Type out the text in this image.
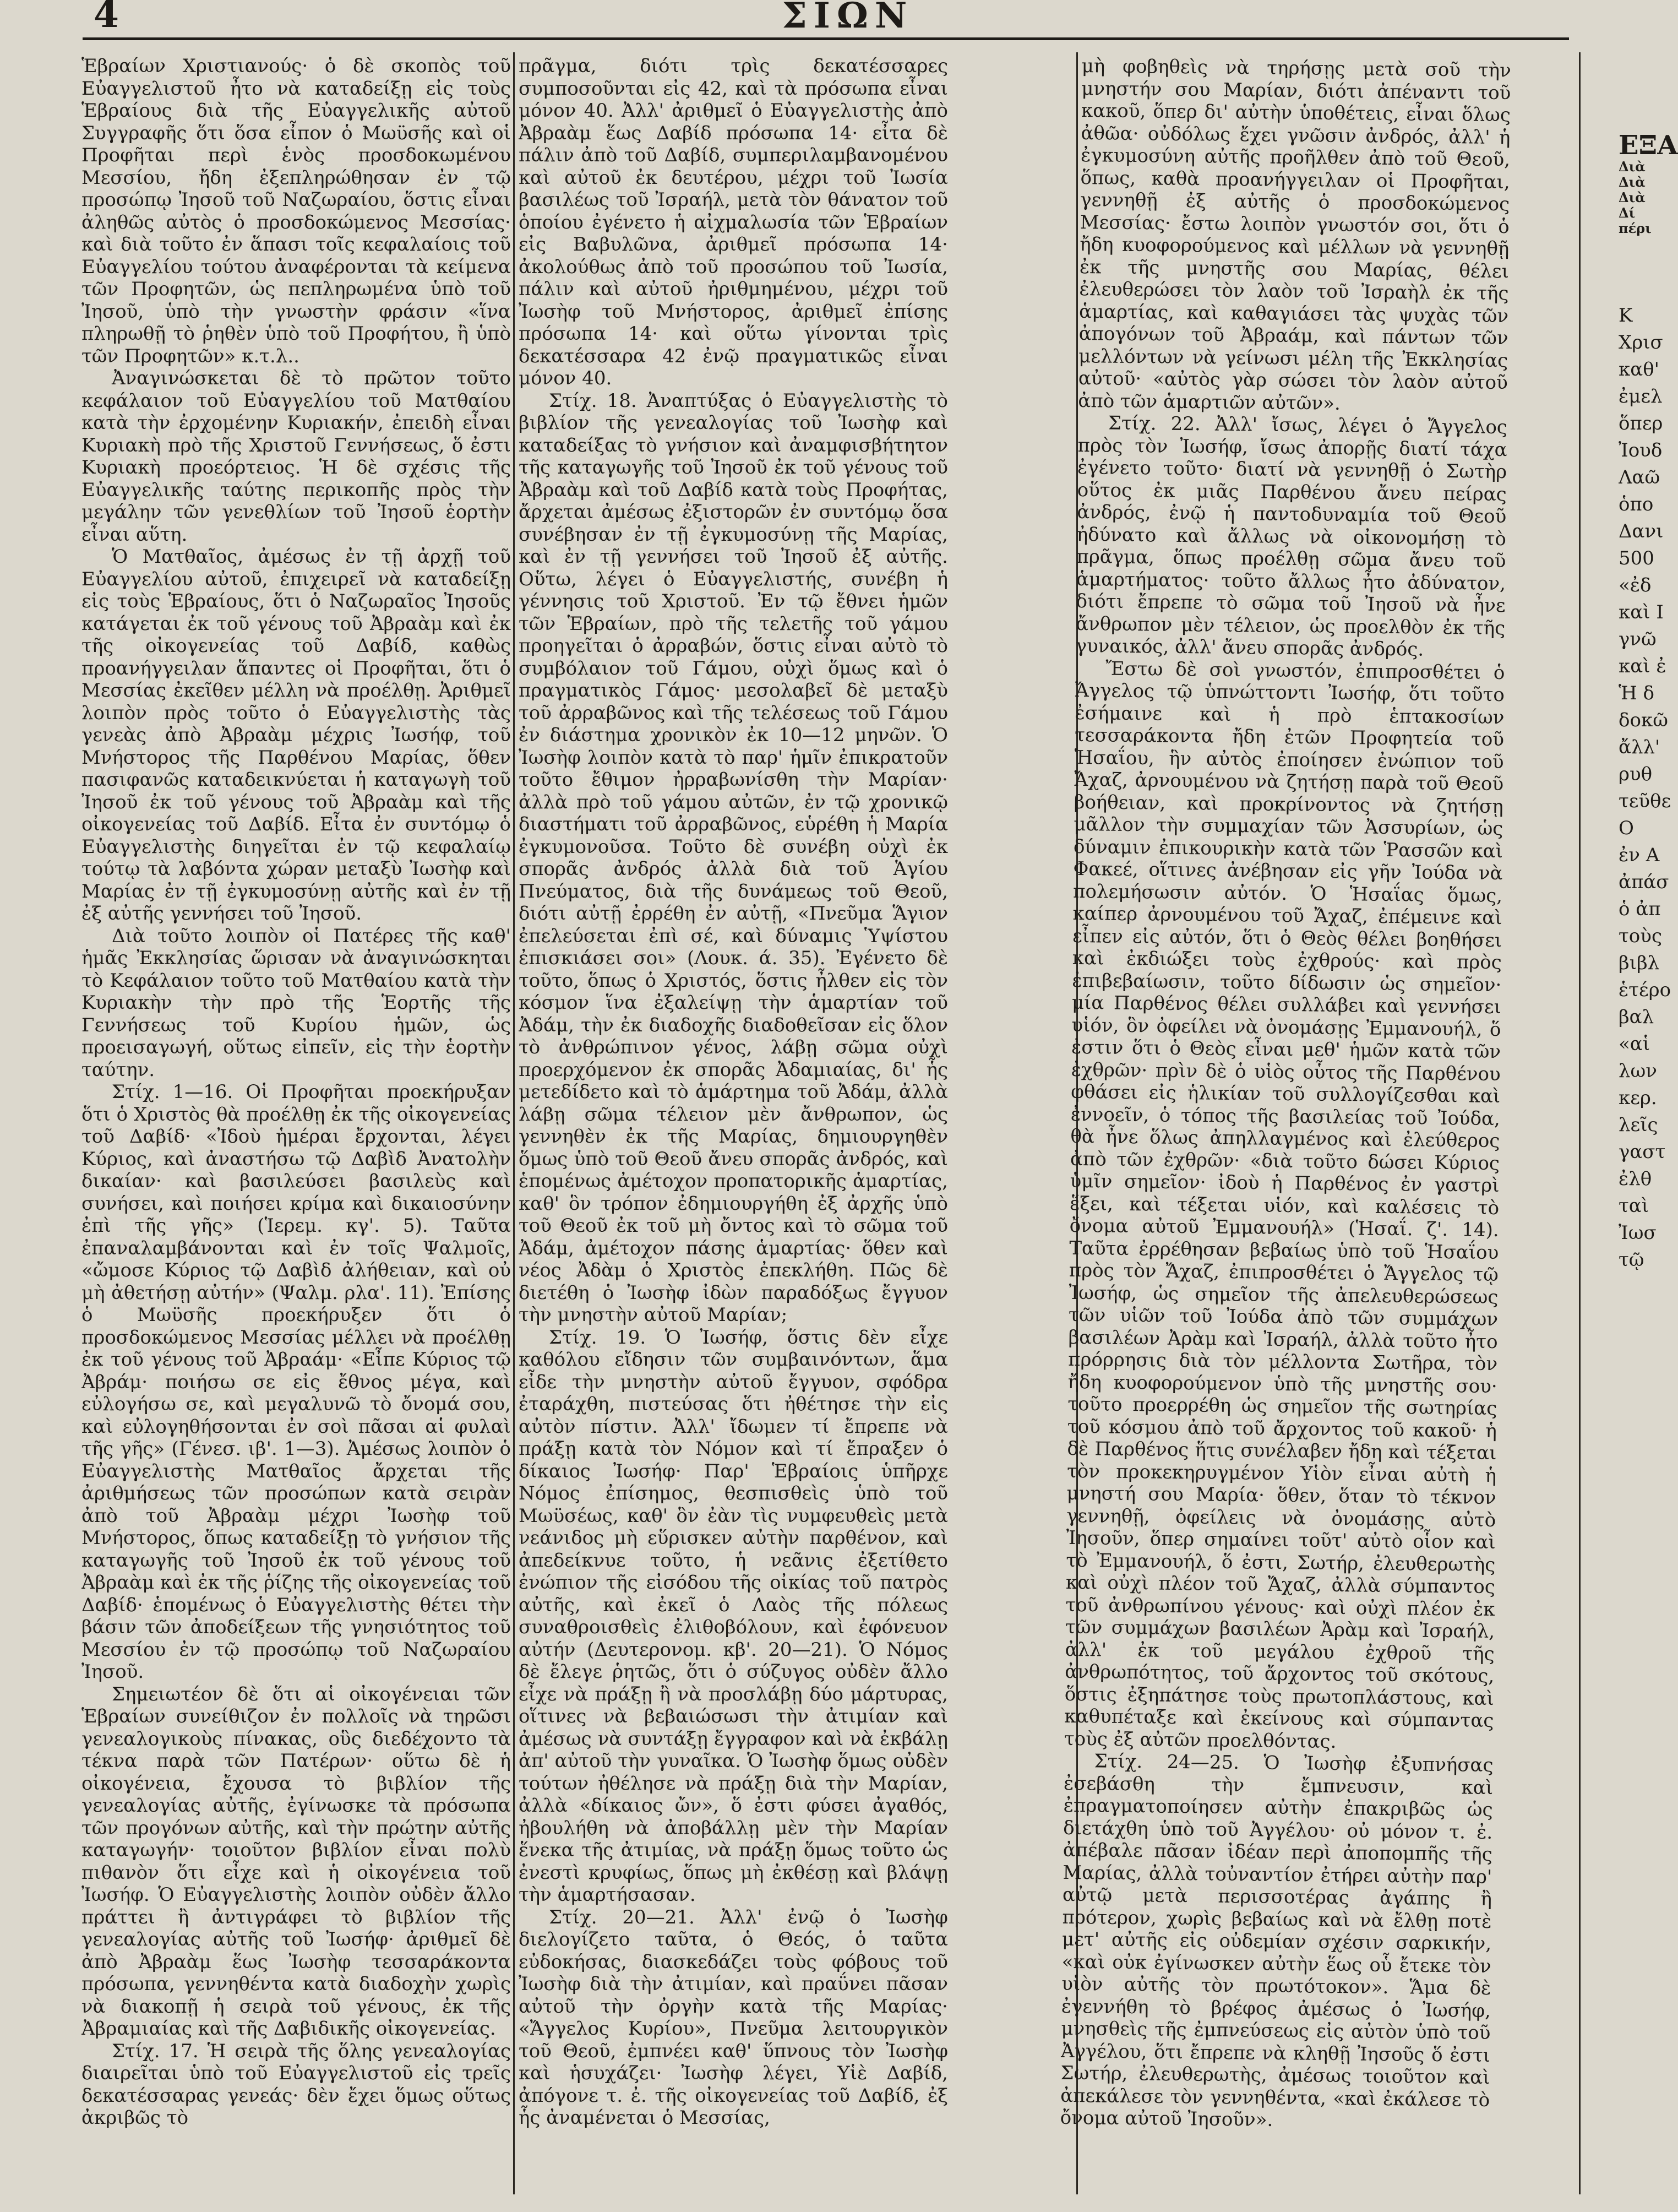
4	ΣΙΩΝ

Ἑβραίων Χριστιανούς· ὁ δὲ σκοπὸς τοῦ Εὐαγγελιστοῦ ἦτο νὰ καταδείξῃ εἰς τοὺς Ἑβραίους διὰ τῆς Εὐαγγελικῆς αὐτοῦ Συγγραφῆς ὅτι ὅσα εἶπον ὁ Μωϋσῆς καὶ οἱ Προφῆται περὶ ἑνὸς προσδοκωμένου Μεσσίου, ἤδη ἐξεπληρώθησαν ἐν τῷ προσώπῳ Ἰησοῦ τοῦ Ναζωραίου, ὅστις εἶναι ἀληθῶς αὐτὸς ὁ προσδοκώμενος Μεσσίας· καὶ διὰ τοῦτο ἐν ἅπασι τοῖς κεφαλαίοις τοῦ Εὐαγγελίου τούτου ἀναφέρονται τὰ κείμενα τῶν Προφητῶν, ὡς πεπληρωμένα ὑπὸ τοῦ Ἰησοῦ, ὑπὸ τὴν γνωστὴν φράσιν «ἵνα πληρωθῇ τὸ ῥηθὲν ὑπὸ τοῦ Προφήτου, ἢ ὑπὸ τῶν Προφητῶν» κ.τ.λ..

Ἀναγινώσκεται δὲ τὸ πρῶτον τοῦτο κεφάλαιον τοῦ Εὐαγγελίου τοῦ Ματθαίου κατὰ τὴν ἐρχομένην Κυριακήν, ἐπειδὴ εἶναι Κυριακὴ πρὸ τῆς Χριστοῦ Γεννήσεως, ὅ ἐστι Κυριακὴ προεόρτειος. Ἡ δὲ σχέσις τῆς Εὐαγγελικῆς ταύτης περικοπῆς πρὸς τὴν μεγάλην τῶν γενεθλίων τοῦ Ἰησοῦ ἑορτὴν εἶναι αὕτη.

Ὁ Ματθαῖος, ἀμέσως ἐν τῇ ἀρχῇ τοῦ Εὐαγγελίου αὐτοῦ, ἐπιχειρεῖ νὰ καταδείξῃ εἰς τοὺς Ἑβραίους, ὅτι ὁ Ναζωραῖος Ἰησοῦς κατάγεται ἐκ τοῦ γένους τοῦ Ἀβραὰμ καὶ ἐκ τῆς οἰκογενείας τοῦ Δαβίδ, καθὼς προανήγγειλαν ἅπαντες οἱ Προφῆται, ὅτι ὁ Μεσσίας ἐκεῖθεν μέλλη νὰ προέλθῃ. Ἀριθμεῖ λοιπὸν πρὸς τοῦτο ὁ Εὐαγγελιστὴς τὰς γενεὰς ἀπὸ Ἀβραὰμ μέχρις Ἰωσήφ, τοῦ Μνήστορος τῆς Παρθένου Μαρίας, ὅθεν πασιφανῶς καταδεικνύεται ἡ καταγωγὴ τοῦ Ἰησοῦ ἐκ τοῦ γένους τοῦ Ἀβραὰμ καὶ τῆς οἰκογενείας τοῦ Δαβίδ. Εἶτα ἐν συντόμῳ ὁ Εὐαγγελιστὴς διηγεῖται ἐν τῷ κεφαλαίῳ τούτῳ τὰ λαβόντα χώραν μεταξὺ Ἰωσὴφ καὶ Μαρίας ἐν τῇ ἐγκυμοσύνῃ αὐτῆς καὶ ἐν τῇ ἐξ αὐτῆς γεννήσει τοῦ Ἰησοῦ.

Διὰ τοῦτο λοιπὸν οἱ Πατέρες τῆς καθ' ἡμᾶς Ἐκκλησίας ὥρισαν νὰ ἀναγινώσκηται τὸ Κεφάλαιον τοῦτο τοῦ Ματθαίου κατὰ τὴν Κυριακὴν τὴν πρὸ τῆς Ἑορτῆς τῆς Γεννήσεως τοῦ Κυρίου ἡμῶν, ὡς προεισαγωγή, οὕτως εἰπεῖν, εἰς τὴν ἑορτὴν ταύτην.

Στίχ. 1—16. Οἱ Προφῆται προεκήρυξαν ὅτι ὁ Χριστὸς θὰ προέλθῃ ἐκ τῆς οἰκογενείας τοῦ Δαβίδ· «Ἰδοὺ ἡμέραι ἔρχονται, λέγει Κύριος, καὶ ἀναστήσω τῷ Δαβὶδ Ἀνατολὴν δικαίαν· καὶ βασιλεύσει βασιλεὺς καὶ συνήσει, καὶ ποιήσει κρίμα καὶ δικαιοσύνην ἐπὶ τῆς γῆς» (Ἱερεμ. κγ'. 5). Ταῦτα ἐπαναλαμβάνονται καὶ ἐν τοῖς Ψαλμοῖς, «ὤμοσε Κύριος τῷ Δαβὶδ ἀλήθειαν, καὶ οὐ μὴ ἀθετήσῃ αὐτήν» (Ψαλμ. ρλα'. 11). Ἐπίσης ὁ Μωϋσῆς προεκήρυξεν ὅτι ὁ προσδοκώμενος Μεσσίας μέλλει νὰ προέλθῃ ἐκ τοῦ γένους τοῦ Ἀβραάμ· «Εἶπε Κύριος τῷ Ἀβράμ· ποιήσω σε εἰς ἔθνος μέγα, καὶ εὐλογήσω σε, καὶ μεγαλυνῶ τὸ ὄνομά σου, καὶ εὐλογηθήσονται ἐν σοὶ πᾶσαι αἱ φυλαὶ τῆς γῆς» (Γένεσ. ιβ'. 1—3). Ἀμέσως λοιπὸν ὁ Εὐαγγελιστὴς Ματθαῖος ἄρχεται τῆς ἀριθμήσεως τῶν προσώπων κατὰ σειρὰν ἀπὸ τοῦ Ἀβραὰμ μέχρι Ἰωσὴφ τοῦ Μνήστορος, ὅπως καταδείξῃ τὸ γνήσιον τῆς καταγωγῆς τοῦ Ἰησοῦ ἐκ τοῦ γένους τοῦ Ἀβραὰμ καὶ ἐκ τῆς ῥίζης τῆς οἰκογενείας τοῦ Δαβίδ· ἑπομένως ὁ Εὐαγγελιστὴς θέτει τὴν βάσιν τῶν ἀποδείξεων τῆς γνησιότητος τοῦ Μεσσίου ἐν τῷ προσώπῳ τοῦ Ναζωραίου Ἰησοῦ.

Σημειωτέον δὲ ὅτι αἱ οἰκογένειαι τῶν Ἑβραίων συνείθιζον ἐν πολλοῖς νὰ τηρῶσι γενεαλογικοὺς πίνακας, οὓς διεδέχοντο τὰ τέκνα παρὰ τῶν Πατέρων· οὕτω δὲ ἡ οἰκογένεια, ἔχουσα τὸ βιβλίον τῆς γενεαλογίας αὐτῆς, ἐγίνωσκε τὰ πρόσωπα τῶν προγόνων αὐτῆς, καὶ τὴν πρώτην αὐτῆς καταγωγήν· τοιοῦτον βιβλίον εἶναι πολὺ πιθανὸν ὅτι εἶχε καὶ ἡ οἰκογένεια τοῦ Ἰωσήφ. Ὁ Εὐαγγελιστὴς λοιπὸν οὐδὲν ἄλλο πράττει ἢ ἀντιγράφει τὸ βιβλίον τῆς γενεαλογίας αὐτῆς τοῦ Ἰωσήφ· ἀριθμεῖ δὲ ἀπὸ Ἀβραὰμ ἕως Ἰωσὴφ τεσσαράκοντα πρόσωπα, γεννηθέντα κατὰ διαδοχὴν χωρὶς νὰ διακοπῇ ἡ σειρὰ τοῦ γένους, ἐκ τῆς Ἀβραμιαίας καὶ τῆς Δαβιδικῆς οἰκογενείας.

Στίχ. 17. Ἡ σειρὰ τῆς ὅλης γενεαλογίας διαιρεῖται ὑπὸ τοῦ Εὐαγγελιστοῦ εἰς τρεῖς δεκατέσσαρας γενεάς· δὲν ἔχει ὅμως οὕτως ἀκριβῶς τὸ

πρᾶγμα, διότι τρὶς δεκατέσσαρες συμποσοῦνται εἰς 42, καὶ τὰ πρόσωπα εἶναι μόνον 40. Ἀλλ' ἀριθμεῖ ὁ Εὐαγγελιστὴς ἀπὸ Ἀβραὰμ ἕως Δαβίδ πρόσωπα 14· εἶτα δὲ πάλιν ἀπὸ τοῦ Δαβίδ, συμπεριλαμβανομένου καὶ αὐτοῦ ἐκ δευτέρου, μέχρι τοῦ Ἰωσία βασιλέως τοῦ Ἰσραήλ, μετὰ τὸν θάνατον τοῦ ὁποίου ἐγένετο ἡ αἰχμαλωσία τῶν Ἑβραίων εἰς Βαβυλῶνα, ἀριθμεῖ πρόσωπα 14· ἀκολούθως ἀπὸ τοῦ προσώπου τοῦ Ἰωσία, πάλιν καὶ αὐτοῦ ἠριθμημένου, μέχρι τοῦ Ἰωσὴφ τοῦ Μνήστορος, ἀριθμεῖ ἐπίσης πρόσωπα 14· καὶ οὕτω γίνονται τρὶς δεκατέσσαρα 42 ἐνῷ πραγματικῶς εἶναι μόνον 40.

Στίχ. 18. Ἀναπτύξας ὁ Εὐαγγελιστὴς τὸ βιβλίον τῆς γενεαλογίας τοῦ Ἰωσὴφ καὶ καταδείξας τὸ γνήσιον καὶ ἀναμφισβήτητον τῆς καταγωγῆς τοῦ Ἰησοῦ ἐκ τοῦ γένους τοῦ Ἀβραὰμ καὶ τοῦ Δαβίδ κατὰ τοὺς Προφήτας, ἄρχεται ἀμέσως ἐξιστορῶν ἐν συντόμῳ ὅσα συνέβησαν ἐν τῇ ἐγκυμοσύνῃ τῆς Μαρίας, καὶ ἐν τῇ γεννήσει τοῦ Ἰησοῦ ἐξ αὐτῆς. Οὕτω, λέγει ὁ Εὐαγγελιστής, συνέβη ἡ γέννησις τοῦ Χριστοῦ. Ἐν τῷ ἔθνει ἡμῶν τῶν Ἑβραίων, πρὸ τῆς τελετῆς τοῦ γάμου προηγεῖται ὁ ἀρραβών, ὅστις εἶναι αὐτὸ τὸ συμβόλαιον τοῦ Γάμου, οὐχὶ ὅμως καὶ ὁ πραγματικὸς Γάμος· μεσολαβεῖ δὲ μεταξὺ τοῦ ἀρραβῶνος καὶ τῆς τελέσεως τοῦ Γάμου ἐν διάστημα χρονικὸν ἐκ 10—12 μηνῶν. Ὁ Ἰωσὴφ λοιπὸν κατὰ τὸ παρ' ἡμῖν ἐπικρατοῦν τοῦτο ἔθιμον ἠρραβωνίσθη τὴν Μαρίαν· ἀλλὰ πρὸ τοῦ γάμου αὐτῶν, ἐν τῷ χρονικῷ διαστήματι τοῦ ἀρραβῶνος, εὑρέθη ἡ Μαρία ἐγκυμονοῦσα. Τοῦτο δὲ συνέβη οὐχὶ ἐκ σπορᾶς ἀνδρός ἀλλὰ διὰ τοῦ Ἁγίου Πνεύματος, διὰ τῆς δυνάμεως τοῦ Θεοῦ, διότι αὐτῇ ἐρρέθη ἐν αὐτῇ, «Πνεῦμα Ἅγιον ἐπελεύσεται ἐπὶ σέ, καὶ δύναμις Ὑψίστου ἐπισκιάσει σοι» (Λουκ. ά. 35). Ἐγένετο δὲ τοῦτο, ὅπως ὁ Χριστός, ὅστις ἦλθεν εἰς τὸν κόσμον ἵνα ἐξαλείψῃ τὴν ἁμαρτίαν τοῦ Ἀδάμ, τὴν ἐκ διαδοχῆς διαδοθεῖσαν εἰς ὅλον τὸ ἀνθρώπινον γένος, λάβῃ σῶμα οὐχὶ προερχόμενον ἐκ σπορᾶς Ἀδαμιαίας, δι' ἧς μετεδίδετο καὶ τὸ ἁμάρτημα τοῦ Ἀδάμ, ἀλλὰ λάβῃ σῶμα τέλειον μὲν ἄνθρωπον, ὡς γεννηθὲν ἐκ τῆς Μαρίας, δημιουργηθὲν ὅμως ὑπὸ τοῦ Θεοῦ ἄνευ σπορᾶς ἀνδρός, καὶ ἑπομένως ἀμέτοχον προπατορικῆς ἁμαρτίας, καθ' ὃν τρόπον ἐδημιουργήθη ἐξ ἀρχῆς ὑπὸ τοῦ Θεοῦ ἐκ τοῦ μὴ ὄντος καὶ τὸ σῶμα τοῦ Ἀδάμ, ἀμέτοχον πάσης ἁμαρτίας· ὅθεν καὶ νέος Ἀδὰμ ὁ Χριστὸς ἐπεκλήθη. Πῶς δὲ διετέθη ὁ Ἰωσὴφ ἰδὼν παραδόξως ἔγγυον τὴν μνηστὴν αὐτοῦ Μαρίαν;

Στίχ. 19. Ὁ Ἰωσήφ, ὅστις δὲν εἶχε καθόλου εἴδησιν τῶν συμβαινόντων, ἅμα εἶδε τὴν μνηστὴν αὐτοῦ ἔγγυον, σφόδρα ἐταράχθη, πιστεύσας ὅτι ἠθέτησε τὴν εἰς αὐτὸν πίστιν. Ἀλλ' ἴδωμεν τί ἔπρεπε νὰ πράξῃ κατὰ τὸν Νόμον καὶ τί ἔπραξεν ὁ δίκαιος Ἰωσήφ· Παρ' Ἑβραίοις ὑπῆρχε Νόμος ἐπίσημος, θεσπισθεὶς ὑπὸ τοῦ Μωϋσέως, καθ' ὃν ἐὰν τὶς νυμφευθεὶς μετὰ νεάνιδος μὴ εὕρισκεν αὐτὴν παρθένον, καὶ ἀπεδείκνυε τοῦτο, ἡ νεᾶνις ἐξετίθετο ἐνώπιον τῆς εἰσόδου τῆς οἰκίας τοῦ πατρὸς αὐτῆς, καὶ ἐκεῖ ὁ Λαὸς τῆς πόλεως συναθροισθεὶς ἐλιθοβόλουν, καὶ ἐφόνευον αὐτήν (Δευτερονομ. κβ'. 20—21). Ὁ Νόμος δὲ ἔλεγε ῥητῶς, ὅτι ὁ σύζυγος οὐδὲν ἄλλο εἶχε νὰ πράξῃ ἢ νὰ προσλάβῃ δύο μάρτυρας, οἵτινες νὰ βεβαιώσωσι τὴν ἀτιμίαν καὶ ἀμέσως νὰ συντάξῃ ἔγγραφον καὶ νὰ ἐκβάλῃ ἀπ' αὐτοῦ τὴν γυναῖκα. Ὁ Ἰωσὴφ ὅμως οὐδὲν τούτων ἠθέλησε νὰ πράξῃ διὰ τὴν Μαρίαν, ἀλλὰ «δίκαιος ὤν», ὅ ἐστι φύσει ἀγαθός, ἠβουλήθη νὰ ἀποβάλλῃ μὲν τὴν Μαρίαν ἕνεκα τῆς ἀτιμίας, νὰ πράξῃ ὅμως τοῦτο ὡς ἐνεστὶ κρυφίως, ὅπως μὴ ἐκθέσῃ καὶ βλάψῃ τὴν ἁμαρτήσασαν.

Στίχ. 20—21. Ἀλλ' ἐνῷ ὁ Ἰωσὴφ διελογίζετο ταῦτα, ὁ Θεός, ὁ ταῦτα εὐδοκήσας, διασκεδάζει τοὺς φόβους τοῦ Ἰωσὴφ διὰ τὴν ἀτιμίαν, καὶ πραΰνει πᾶσαν αὐτοῦ τὴν ὀργὴν κατὰ τῆς Μαρίας· «Ἄγγελος Κυρίου», Πνεῦμα λειτουργικὸν τοῦ Θεοῦ, ἐμπνέει καθ' ὕπνους τὸν Ἰωσὴφ καὶ ἡσυχάζει· Ἰωσὴφ λέγει, Υἱὲ Δαβίδ, ἀπόγονε τ. ἐ. τῆς οἰκογενείας τοῦ Δαβίδ, ἐξ ἧς ἀναμένεται ὁ Μεσσίας,

μὴ φοβηθεὶς νὰ τηρήσῃς μετὰ σοῦ τὴν μνηστήν σου Μαρίαν, διότι ἀπέναντι τοῦ κακοῦ, ὅπερ δι' αὐτὴν ὑποθέτεις, εἶναι ὅλως ἀθῶα· οὐδόλως ἔχει γνῶσιν ἀνδρός, ἀλλ' ἡ ἐγκυμοσύνη αὐτῆς προῆλθεν ἀπὸ τοῦ Θεοῦ, ὅπως, καθὰ προανήγγειλαν οἱ Προφῆται, γεννηθῇ ἐξ αὐτῆς ὁ προσδοκώμενος Μεσσίας· ἔστω λοιπὸν γνωστόν σοι, ὅτι ὁ ἤδη κυοφορούμενος καὶ μέλλων νὰ γεννηθῇ ἐκ τῆς μνηστῆς σου Μαρίας, θέλει ἐλευθερώσει τὸν λαὸν τοῦ Ἰσραὴλ ἐκ τῆς ἁμαρτίας, καὶ καθαγιάσει τὰς ψυχὰς τῶν ἀπογόνων τοῦ Ἀβραάμ, καὶ πάντων τῶν μελλόντων νὰ γείνωσι μέλη τῆς Ἐκκλησίας αὐτοῦ· «αὐτὸς γὰρ σώσει τὸν λαὸν αὐτοῦ ἀπὸ τῶν ἁμαρτιῶν αὐτῶν».

Στίχ. 22. Ἀλλ' ἴσως, λέγει ὁ Ἄγγελος πρὸς τὸν Ἰωσήφ, ἴσως ἀπορῇς διατί τάχα ἐγένετο τοῦτο· διατί νὰ γεννηθῇ ὁ Σωτὴρ οὕτος ἐκ μιᾶς Παρθένου ἄνευ πείρας ἀνδρός, ἐνῷ ἡ παντοδυναμία τοῦ Θεοῦ ἠδύνατο καὶ ἄλλως νὰ οἰκονομήσῃ τὸ πρᾶγμα, ὅπως προέλθῃ σῶμα ἄνευ τοῦ ἁμαρτήματος· τοῦτο ἄλλως ἦτο ἀδύνατον, διότι ἔπρεπε τὸ σῶμα τοῦ Ἰησοῦ νὰ ἦνε ἄνθρωπον μὲν τέλειον, ὡς προελθὸν ἐκ τῆς γυναικός, ἀλλ' ἄνευ σπορᾶς ἀνδρός.

Ἔστω δὲ σοὶ γνωστόν, ἐπιπροσθέτει ὁ Ἄγγελος τῷ ὑπνώττοντι Ἰωσήφ, ὅτι τοῦτο ἐσήμαινε καὶ ἡ πρὸ ἑπτακοσίων τεσσαράκοντα ἤδη ἐτῶν Προφητεία τοῦ Ἡσαΐου, ἣν αὐτὸς ἐποίησεν ἐνώπιον τοῦ Ἄχαζ, ἀρνουμένου νὰ ζητήσῃ παρὰ τοῦ Θεοῦ βοήθειαν, καὶ προκρίνοντος νὰ ζητήσῃ μᾶλλον τὴν συμμαχίαν τῶν Ἀσσυρίων, ὡς δύναμιν ἐπικουρικὴν κατὰ τῶν Ῥασσῶν καὶ Φακεέ, οἵτινες ἀνέβησαν εἰς γῆν Ἰούδα νὰ πολεμήσωσιν αὐτόν. Ὁ Ἡσαΐας ὅμως, καίπερ ἀρνουμένου τοῦ Ἄχαζ, ἐπέμεινε καὶ εἶπεν εἰς αὐτόν, ὅτι ὁ Θεὸς θέλει βοηθήσει καὶ ἐκδιώξει τοὺς ἐχθρούς· καὶ πρὸς ἐπιβεβαίωσιν, τοῦτο δίδωσιν ὡς σημεῖον· μία Παρθένος θέλει συλλάβει καὶ γεννήσει υἱόν, ὃν ὀφείλει νὰ ὀνομάσῃς Ἐμμανουήλ, ὅ ἐστιν ὅτι ὁ Θεὸς εἶναι μεθ' ἡμῶν κατὰ τῶν ἐχθρῶν· πρὶν δὲ ὁ υἱὸς οὗτος τῆς Παρθένου φθάσει εἰς ἡλικίαν τοῦ συλλογίζεσθαι καὶ ἐννοεῖν, ὁ τόπος τῆς βασιλείας τοῦ Ἰούδα, θὰ ἦνε ὅλως ἀπηλλαγμένος καὶ ἐλεύθερος ἀπὸ τῶν ἐχθρῶν· «διὰ τοῦτο δώσει Κύριος ὑμῖν σημεῖον· ἰδοὺ ἡ Παρθένος ἐν γαστρὶ ἕξει, καὶ τέξεται υἱόν, καὶ καλέσεις τὸ ὄνομα αὐτοῦ Ἐμμανουήλ» (Ἡσαΐ. ζ'. 14). Ταῦτα ἐρρέθησαν βεβαίως ὑπὸ τοῦ Ἡσαΐου πρὸς τὸν Ἄχαζ, ἐπιπροσθέτει ὁ Ἄγγελος τῷ Ἰωσήφ, ὡς σημεῖον τῆς ἀπελευθερώσεως τῶν υἱῶν τοῦ Ἰούδα ἀπὸ τῶν συμμάχων βασιλέων Ἀρὰμ καὶ Ἰσραήλ, ἀλλὰ τοῦτο ἦτο πρόρρησις διὰ τὸν μέλλοντα Σωτῆρα, τὸν ἤδη κυοφορούμενον ὑπὸ τῆς μνηστῆς σου· τοῦτο προερρέθη ὡς σημεῖον τῆς σωτηρίας τοῦ κόσμου ἀπὸ τοῦ ἄρχοντος τοῦ κακοῦ· ἡ δὲ Παρθένος ἥτις συνέλαβεν ἤδη καὶ τέξεται τὸν προκεκηρυγμένον Υἱὸν εἶναι αὐτὴ ἡ μνηστή σου Μαρία· ὅθεν, ὅταν τὸ τέκνον γεννηθῇ, ὀφείλεις νὰ ὀνομάσῃς αὐτὸ Ἰησοῦν, ὅπερ σημαίνει τοῦτ' αὐτὸ οἷον καὶ τὸ Ἐμμανουήλ, ὅ ἐστι, Σωτήρ, ἐλευθερωτὴς καὶ οὐχὶ πλέον τοῦ Ἄχαζ, ἀλλὰ σύμπαντος τοῦ ἀνθρωπίνου γένους· καὶ οὐχὶ πλέον ἐκ τῶν συμμάχων βασιλέων Ἀρὰμ καὶ Ἰσραήλ, ἀλλ' ἐκ τοῦ μεγάλου ἐχθροῦ τῆς ἀνθρωπότητος, τοῦ ἄρχοντος τοῦ σκότους, ὅστις ἐξηπάτησε τοὺς πρωτοπλάστους, καὶ καθυπέταξε καὶ ἐκείνους καὶ σύμπαντας τοὺς ἐξ αὐτῶν προελθόντας.

Στίχ. 24—25. Ὁ Ἰωσὴφ ἐξυπνήσας ἐσεβάσθη τὴν ἔμπνευσιν, καὶ ἐπραγματοποίησεν αὐτὴν ἐπακριβῶς ὡς διετάχθη ὑπὸ τοῦ Ἀγγέλου· οὐ μόνον τ. ἐ. ἀπέβαλε πᾶσαν ἰδέαν περὶ ἀποπομπῆς τῆς Μαρίας, ἀλλὰ τοὐναντίον ἐτήρει αὐτὴν παρ' αὐτῷ μετὰ περισσοτέρας ἀγάπης ἢ πρότερον, χωρὶς βεβαίως καὶ νὰ ἔλθῃ ποτὲ μετ' αὐτῆς εἰς οὐδεμίαν σχέσιν σαρκικήν, «καὶ οὐκ ἐγίνωσκεν αὐτὴν ἕως οὗ ἔτεκε τὸν υἱὸν αὐτῆς τὸν πρωτότοκον». Ἅμα δὲ ἐγεννήθη τὸ βρέφος ἀμέσως ὁ Ἰωσήφ, μνησθεὶς τῆς ἐμπνεύσεως εἰς αὐτὸν ὑπὸ τοῦ Ἀγγέλου, ὅτι ἔπρεπε νὰ κληθῇ Ἰησοῦς ὅ ἐστι Σωτήρ, ἐλευθερωτὴς, ἀμέσως τοιοῦτον καὶ ἀπεκάλεσε τὸν γεννηθέντα, «καὶ ἐκάλεσε τὸ ὄνομα αὐτοῦ Ἰησοῦν».

ΕΞΑ
Διὰ
Διὰ
Διὰ
Δί
πέρι
Κ
Χρισ
καθ'
ἐμελ
ὅπερ
Ἰουδ
Λαῶ
ὁπο
Δανι
500
«ἐδ
καὶ Ι
γνῶ
καὶ ἐ
Ἡ δ
δοκῶ
ἄλλ'
ρυθ
τεῦθε
Ο
ἐν Α
ἀπάσ
ὁ ἀπ
τοὺς
βιβλ
ἑτέρο
βαλ
«αἱ
λων
κερ.
λεῖς
γαστ
ἐλθ
ταὶ
Ἰωσ
τῷ
